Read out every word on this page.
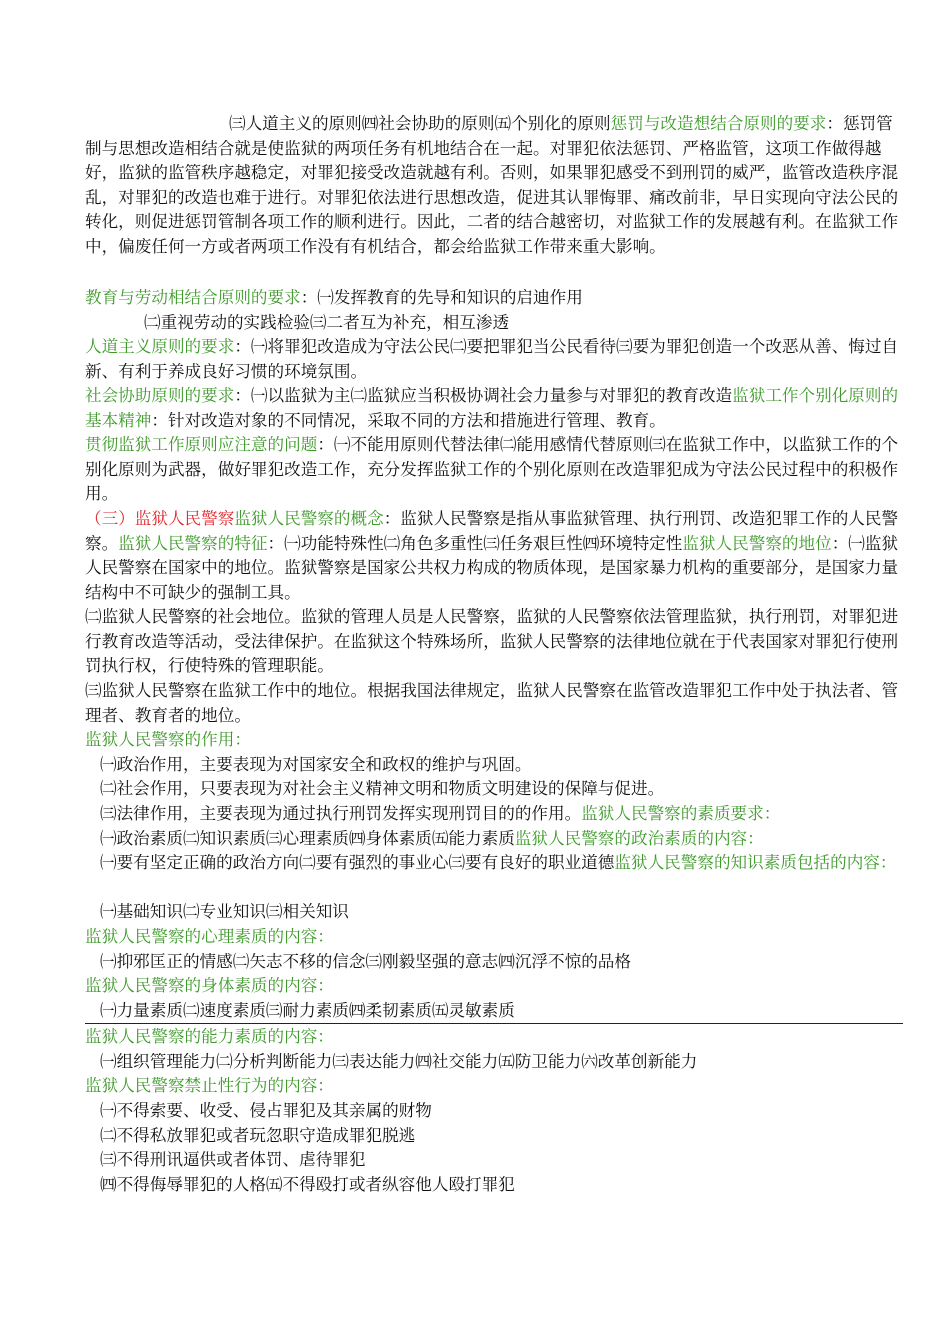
㈢人道主义的原则㈣社会协助的原则㈤个别化的原则惩罚与改造想结合原则的要求：惩罚管制与思想改造相结合就是使监狱的两项任务有机地结合在一起。对罪犯依法惩罚、严格监管，这项工作做得越好，监狱的监管秩序越稳定，对罪犯接受改造就越有利。否则，如果罪犯感受不到刑罚的威严，监管改造秩序混乱，对罪犯的改造也难于进行。对罪犯依法进行思想改造，促进其认罪悔罪、痛改前非，早日实现向守法公民的转化，则促进惩罚管制各项工作的顺利进行。因此，二者的结合越密切，对监狱工作的发展越有利。在监狱工作中，偏废任何一方或者两项工作没有有机结合，都会给监狱工作带来重大影响。

教育与劳动相结合原则的要求：㈠发挥教育的先导和知识的启迪作用

㈡重视劳动的实践检验㈢二者互为补充，相互渗透

人道主义原则的要求：㈠将罪犯改造成为守法公民㈡要把罪犯当公民看待㈢要为罪犯创造一个改恶从善、悔过自新、有利于养成良好习惯的环境氛围。

社会协助原则的要求：㈠以监狱为主㈡监狱应当积极协调社会力量参与对罪犯的教育改造监狱工作个别化原则的基本精神：针对改造对象的不同情况，采取不同的方法和措施进行管理、教育。

贯彻监狱工作原则应注意的问题：㈠不能用原则代替法律㈡能用感情代替原则㈢在监狱工作中，以监狱工作的个别化原则为武器，做好罪犯改造工作，充分发挥监狱工作的个别化原则在改造罪犯成为守法公民过程中的积极作用。

（三）监狱人民警察监狱人民警察的概念：监狱人民警察是指从事监狱管理、执行刑罚、改造犯罪工作的人民警察。监狱人民警察的特征：㈠功能特殊性㈡角色多重性㈢任务艰巨性㈣环境特定性监狱人民警察的地位：㈠监狱人民警察在国家中的地位。监狱警察是国家公共权力构成的物质体现，是国家暴力机构的重要部分，是国家力量结构中不可缺少的强制工具。

㈡监狱人民警察的社会地位。监狱的管理人员是人民警察，监狱的人民警察依法管理监狱，执行刑罚，对罪犯进行教育改造等活动，受法律保护。在监狱这个特殊场所，监狱人民警察的法律地位就在于代表国家对罪犯行使刑罚执行权，行使特殊的管理职能。

㈢监狱人民警察在监狱工作中的地位。根据我国法律规定，监狱人民警察在监管改造罪犯工作中处于执法者、管理者、教育者的地位。

监狱人民警察的作用：

㈠政治作用，主要表现为对国家安全和政权的维护与巩固。

㈡社会作用，只要表现为对社会主义精神文明和物质文明建设的保障与促进。

㈢法律作用，主要表现为通过执行刑罚发挥实现刑罚目的的作用。监狱人民警察的素质要求：

㈠政治素质㈡知识素质㈢心理素质㈣身体素质㈤能力素质监狱人民警察的政治素质的内容：

㈠要有坚定正确的政治方向㈡要有强烈的事业心㈢要有良好的职业道德监狱人民警察的知识素质包括的内容：

㈠基础知识㈡专业知识㈢相关知识

监狱人民警察的心理素质的内容：

㈠抑邪匡正的情感㈡矢志不移的信念㈢刚毅坚强的意志㈣沉浮不惊的品格

监狱人民警察的身体素质的内容：

㈠力量素质㈡速度素质㈢耐力素质㈣柔韧素质㈤灵敏素质

监狱人民警察的能力素质的内容：

㈠组织管理能力㈡分析判断能力㈢表达能力㈣社交能力㈤防卫能力㈥改革创新能力

监狱人民警察禁止性行为的内容：

㈠不得索要、收受、侵占罪犯及其亲属的财物

㈡不得私放罪犯或者玩忽职守造成罪犯脱逃

㈢不得刑讯逼供或者体罚、虐待罪犯

㈣不得侮辱罪犯的人格㈤不得殴打或者纵容他人殴打罪犯
